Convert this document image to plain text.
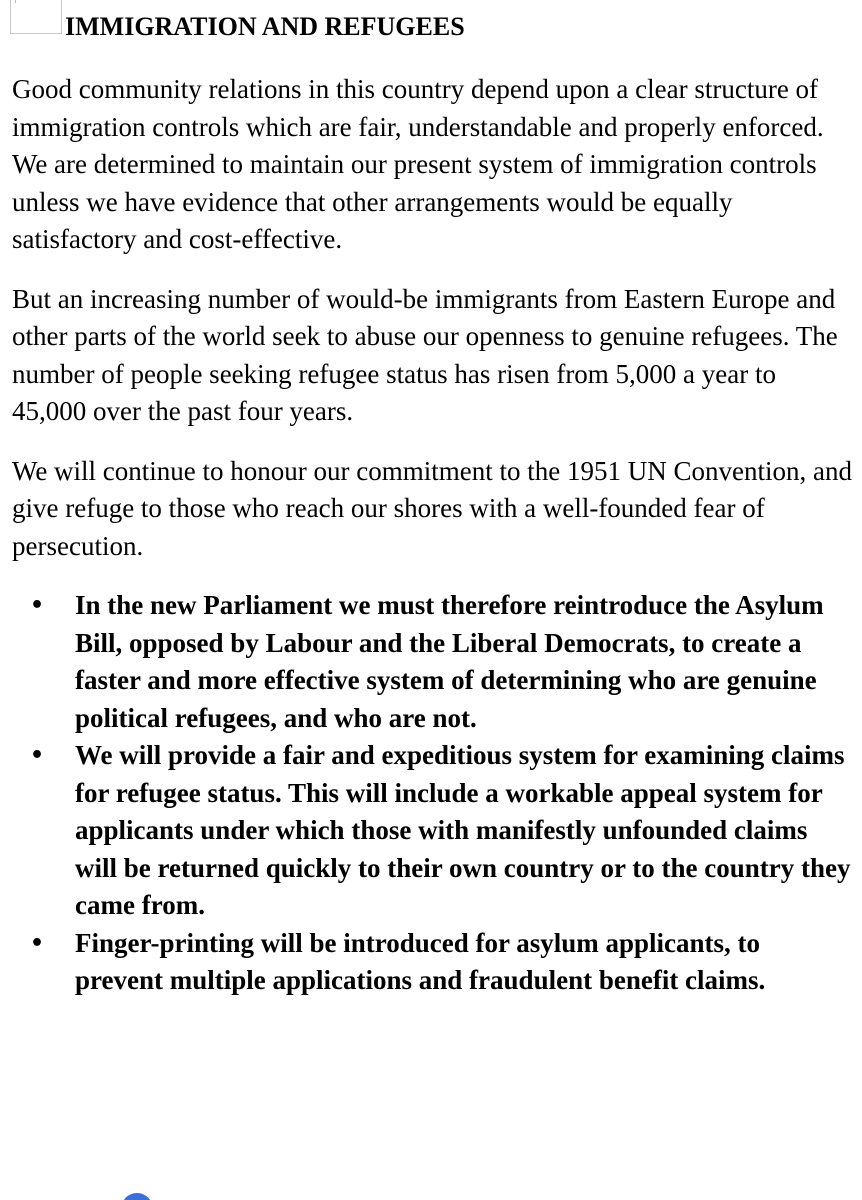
IMMIGRATION AND REFUGEES

Good community relations in this country depend upon a clear structure of immigration controls which are fair, understandable and properly enforced. We are determined to maintain our present system of immigration controls unless we have evidence that other arrangements would be equally satisfactory and cost-effective.

But an increasing number of would-be immigrants from Eastern Europe and other parts of the world seek to abuse our openness to genuine refugees. The number of people seeking refugee status has risen from 5,000 a year to 45,000 over the past four years.

We will continue to honour our commitment to the 1951 UN Convention, and give refuge to those who reach our shores with a well-founded fear of persecution.

• In the new Parliament we must therefore reintroduce the Asylum Bill, opposed by Labour and the Liberal Democrats, to create a faster and more effective system of determining who are genuine political refugees, and who are not.
• We will provide a fair and expeditious system for examining claims for refugee status. This will include a workable appeal system for applicants under which those with manifestly unfounded claims will be returned quickly to their own country or to the country they came from.
• Finger-printing will be introduced for asylum applicants, to prevent multiple applications and fraudulent benefit claims.
